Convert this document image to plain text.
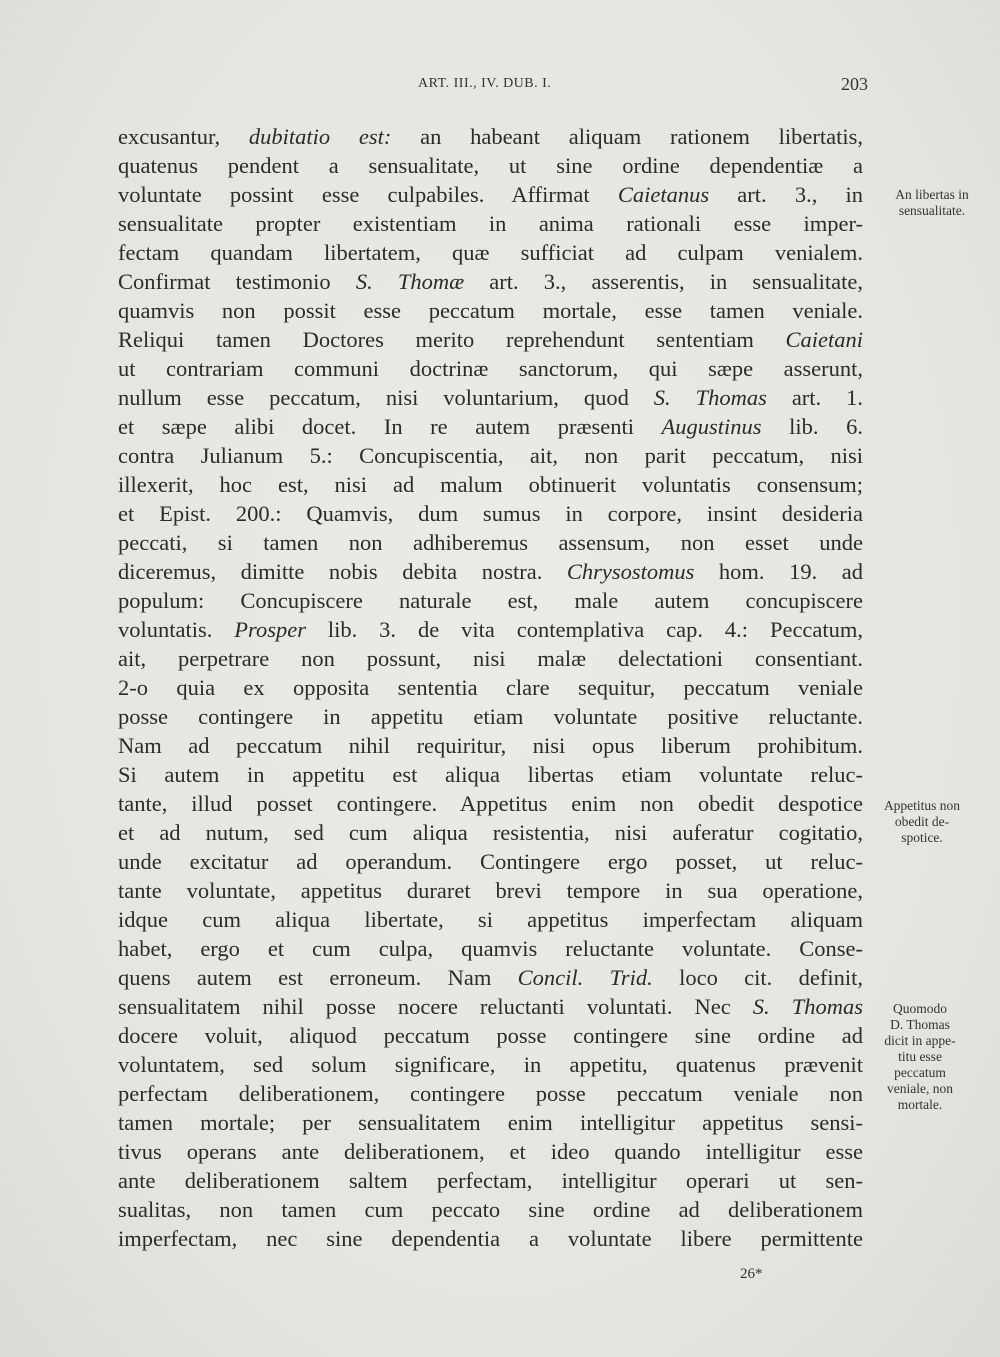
ART. III., IV. DUB. I.	203
excusantur, dubitatio est: an habeant aliquam rationem libertatis,
quatenus pendent a sensualitate, ut sine ordine dependentiæ a
voluntate possint esse culpabiles. Affirmat Caietanus art. 3., in
sensualitate propter existentiam in anima rationali esse imper-
fectam quandam libertatem, quæ sufficiat ad culpam venialem.
Confirmat testimonio S. Thomæ art. 3., asserentis, in sensualitate,
quamvis non possit esse peccatum mortale, esse tamen veniale.
Reliqui tamen Doctores merito reprehendunt sententiam Caietani
ut contrariam communi doctrinæ sanctorum, qui sæpe asserunt,
nullum esse peccatum, nisi voluntarium, quod S. Thomas art. 1.
et sæpe alibi docet. In re autem præsenti Augustinus lib. 6.
contra Julianum 5.: Concupiscentia, ait, non parit peccatum, nisi
illexerit, hoc est, nisi ad malum obtinuerit voluntatis consensum;
et Epist. 200.: Quamvis, dum sumus in corpore, insint desideria
peccati, si tamen non adhiberemus assensum, non esset unde
diceremus, dimitte nobis debita nostra. Chrysostomus hom. 19. ad
populum: Concupiscere naturale est, male autem concupiscere
voluntatis. Prosper lib. 3. de vita contemplativa cap. 4.: Peccatum,
ait, perpetrare non possunt, nisi malæ delectationi consentiant.
2-o quia ex opposita sententia clare sequitur, peccatum veniale
posse contingere in appetitu etiam voluntate positive reluctante.
Nam ad peccatum nihil requiritur, nisi opus liberum prohibitum.
Si autem in appetitu est aliqua libertas etiam voluntate reluc-
tante, illud posset contingere. Appetitus enim non obedit despotice
et ad nutum, sed cum aliqua resistentia, nisi auferatur cogitatio,
unde excitatur ad operandum. Contingere ergo posset, ut reluc-
tante voluntate, appetitus duraret brevi tempore in sua operatione,
idque cum aliqua libertate, si appetitus imperfectam aliquam
habet, ergo et cum culpa, quamvis reluctante voluntate. Conse-
quens autem est erroneum. Nam Concil. Trid. loco cit. definit,
sensualitatem nihil posse nocere reluctanti voluntati. Nec S. Thomas
docere voluit, aliquod peccatum posse contingere sine ordine ad
voluntatem, sed solum significare, in appetitu, quatenus prævenit
perfectam deliberationem, contingere posse peccatum veniale non
tamen mortale; per sensualitatem enim intelligitur appetitus sensi-
tivus operans ante deliberationem, et ideo quando intelligitur esse
ante deliberationem saltem perfectam, intelligitur operari ut sen-
sualitas, non tamen cum peccato sine ordine ad deliberationem
imperfectam, nec sine dependentia a voluntate libere permittente
An libertas in
sensualitate.
Appetitus non
obedit de-
spotice.
Quomodo
D. Thomas
dicit in appe-
titu esse
peccatum
veniale, non
mortale.
26*
